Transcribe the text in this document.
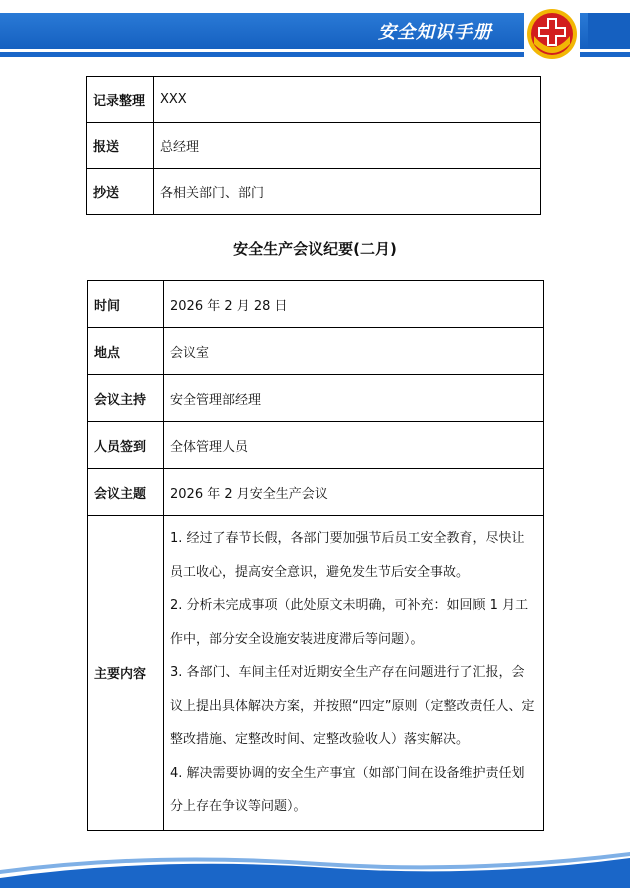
安全知识手册
记录整理	XXX
报送	总经理
抄送	各相关部门、部门
安全生产会议纪要(二月)
时间	2026 年 2 月 28 日
地点	会议室
会议主持	安全管理部经理
人员签到	全体管理人员
会议主题	2026 年 2 月安全生产会议
主要内容	1. 经过了春节长假，各部门要加强节后员工安全教育，尽快让员工收心，提高安全意识，避免发生节后安全事故。

2. 分析未完成事项（此处原文未明确，可补充：如回顾 1 月工作中，部分安全设施安装进度滞后等问题）。

3. 各部门、车间主任对近期安全生产存在问题进行了汇报，会议上提出具体解决方案，并按照“四定”原则（定整改责任人、定整改措施、定整改时间、定整改验收人）落实解决。

4. 解决需要协调的安全生产事宜（如部门间在设备维护责任划分上存在争议等问题）。
